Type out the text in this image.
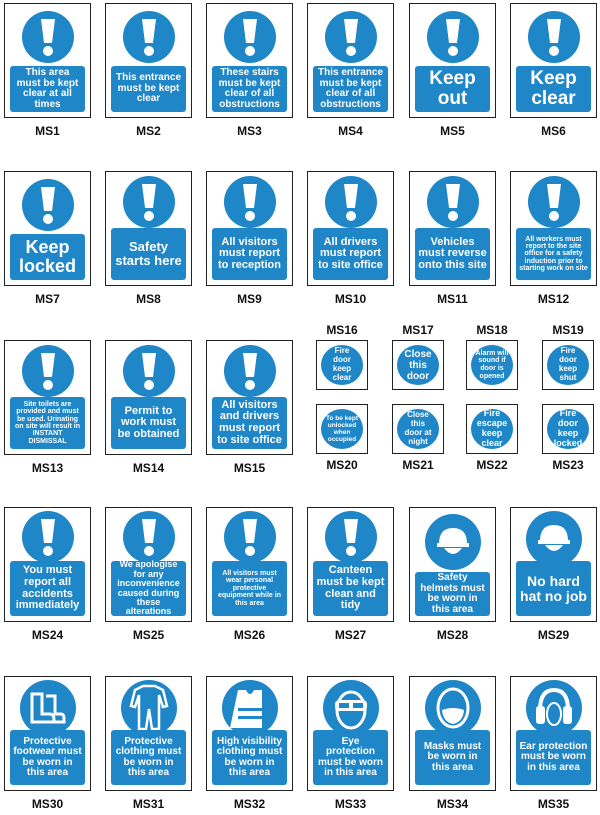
This area must be kept clear at all times
MS1
This entrance must be kept clear
MS2
These stairs must be kept clear of all obstructions
MS3
This entrance must be kept clear of all obstructions
MS4
Keep out
MS5
Keep clear
MS6
Keep locked
MS7
Safety starts here
MS8
All visitors must report to reception
MS9
All drivers must report to site office
MS10
Vehicles must reverse onto this site
MS11
All workers must report to the site office for a safety induction prior to starting work on site
MS12
Site toilets are provided and must be used. Urinating on site will result in INSTANT DISMISSAL
MS13
Permit to work must be obtained
MS14
All visitors and drivers must report to site office
MS15
You must report all accidents immediately
MS24
We apologise for any inconvenience caused during these alterations
MS25
All visitors must wear personal protective equipment while in this area
MS26
Canteen must be kept clean and tidy
MS27
Safety helmets must be worn in this area
MS28
No hard hat no job
MS29
Protective footwear must be worn in this area
MS30
Protective clothing must be worn in this area
MS31
High visibility clothing must be worn in this area
MS32
Eye protection must be worn in this area
MS33
Masks must be worn in this area
MS34
Ear protection must be worn in this area
MS35
Fire door keep clear
MS16
Close this door
MS17
Alarm will sound if door is opened
MS18
Fire door keep shut
MS19
To be kept unlocked when occupied
MS20
Close this door at night
MS21
Fire escape keep clear
MS22
Fire door keep locked
MS23
